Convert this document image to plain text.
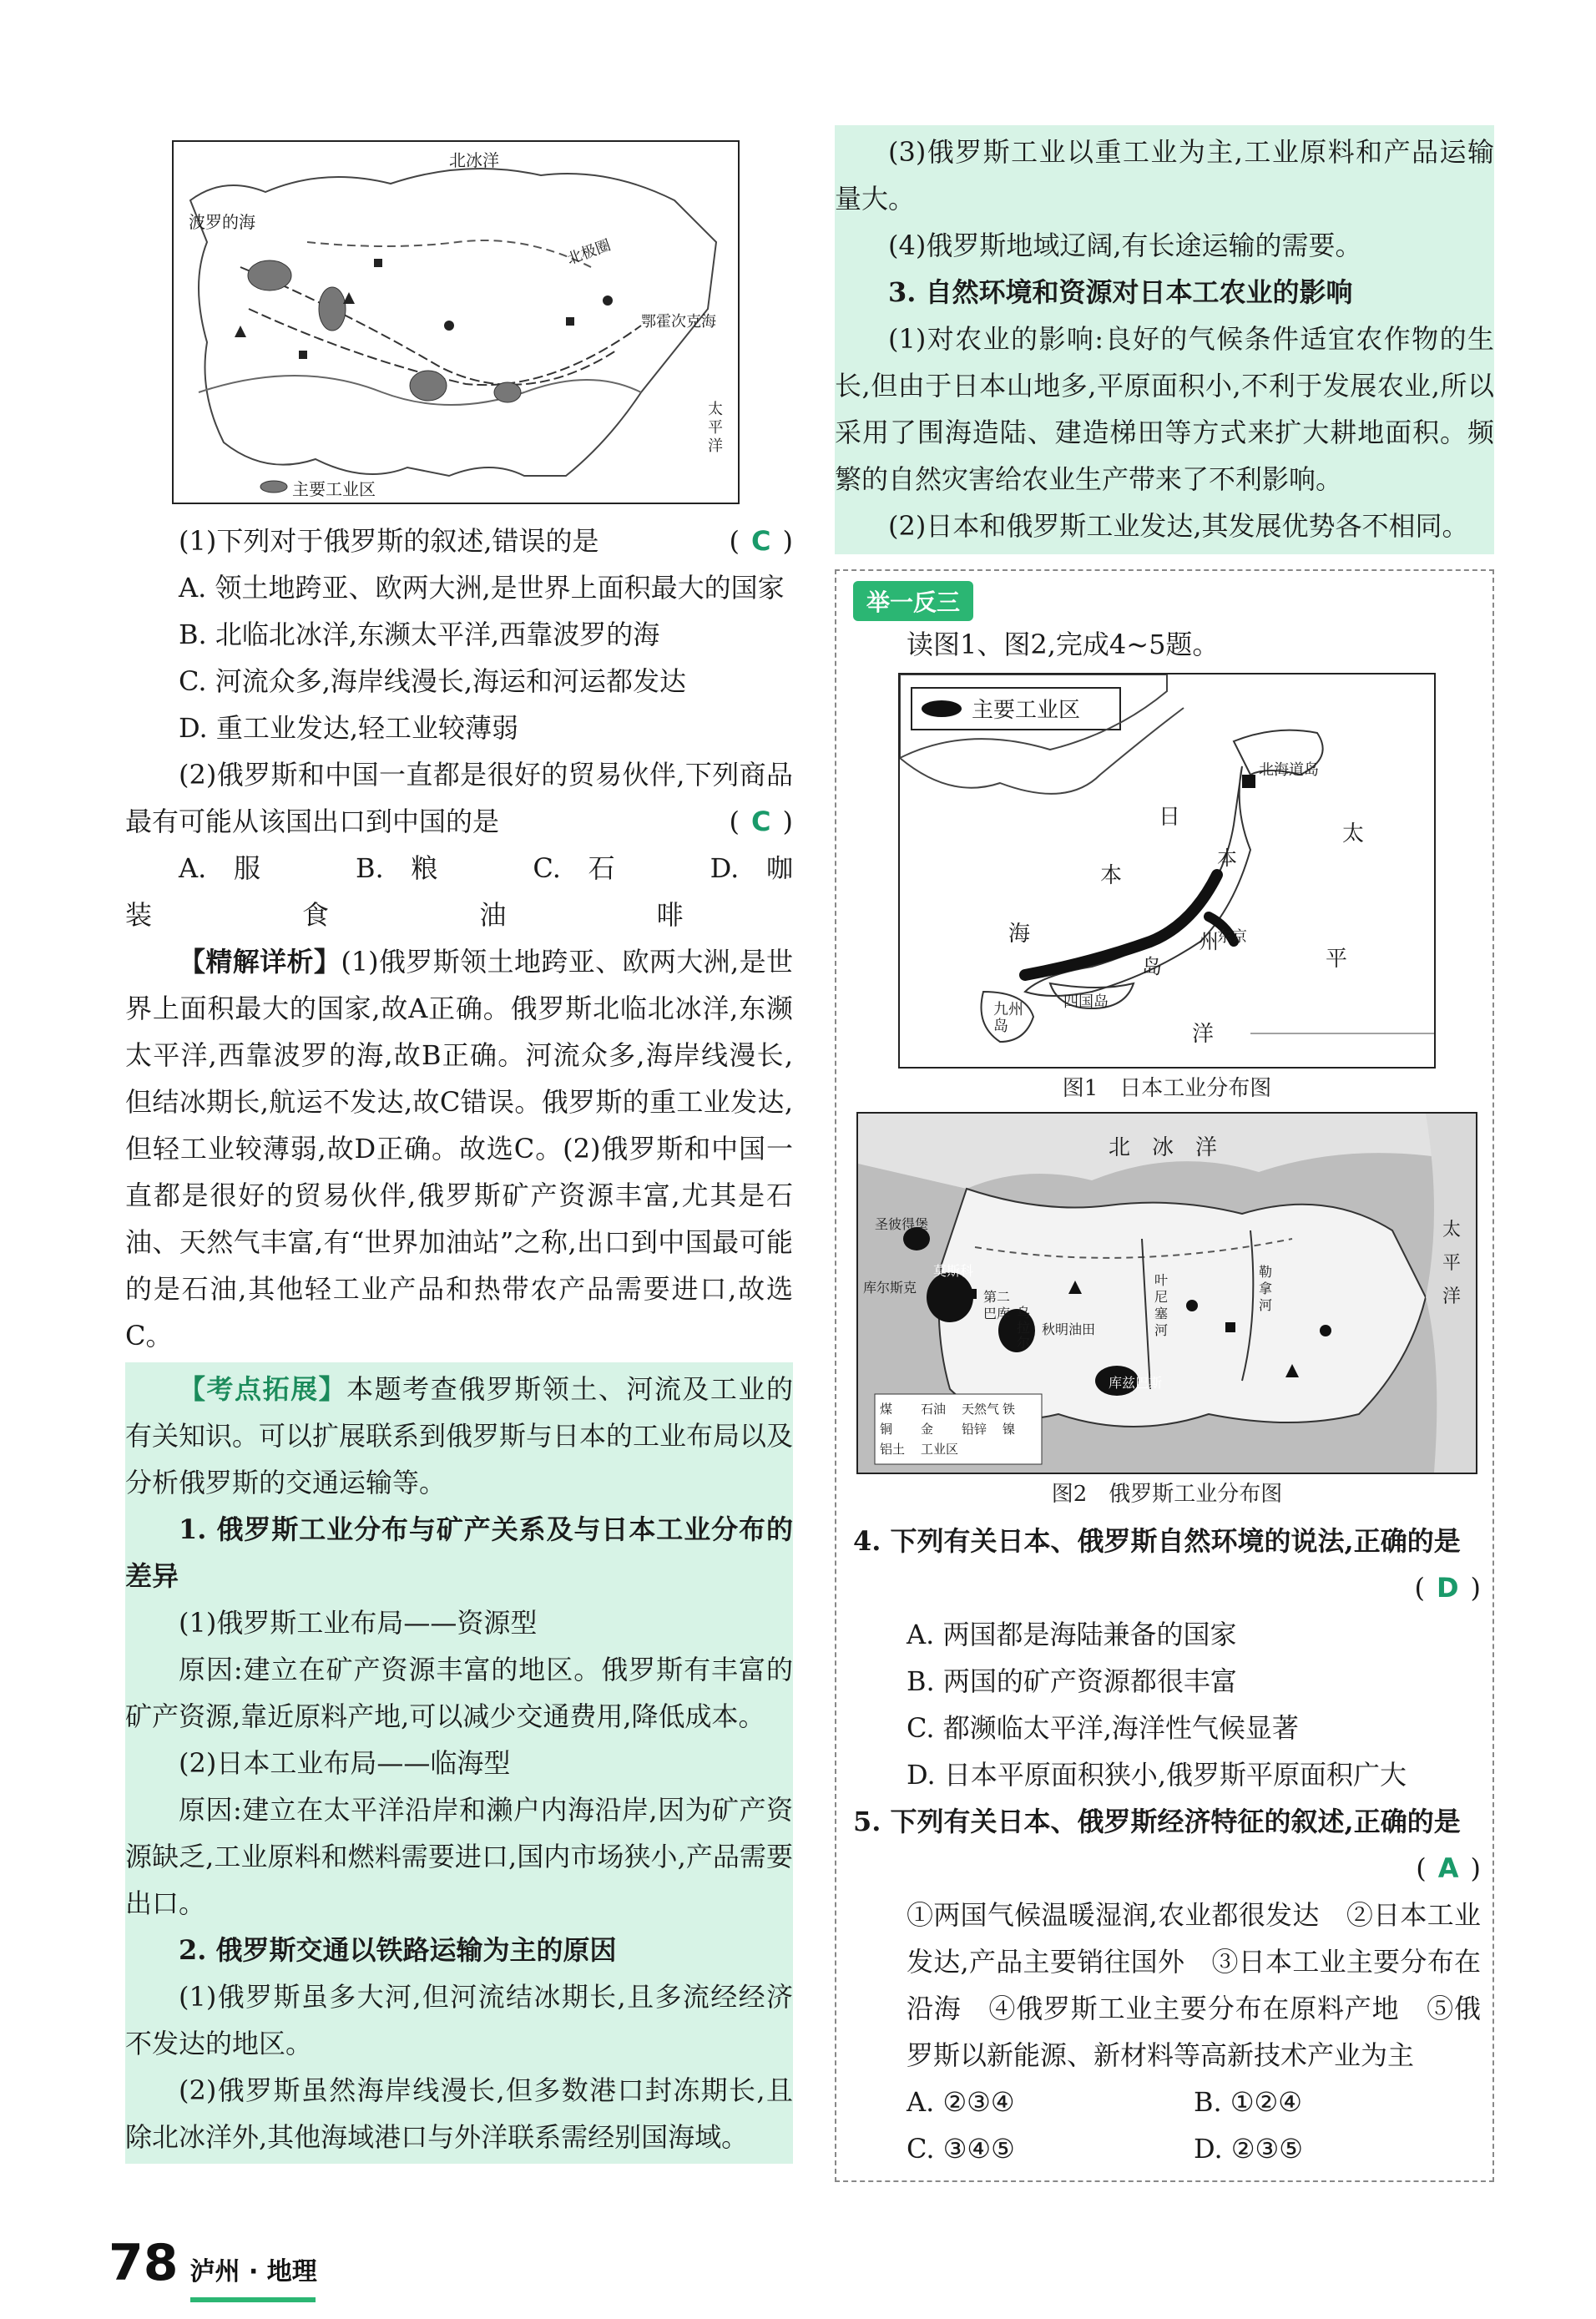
北冰洋
波罗的海
北极圈
鄂霍次克海
太平洋
主要工业区

(1)下列对于俄罗斯的叙述,错误的是	( C )

A. 领土地跨亚、欧两大洲,是世界上面积最大的国家

B. 北临北冰洋,东濒太平洋,西靠波罗的海

C. 河流众多,海岸线漫长,海运和河运都发达

D. 重工业发达,轻工业较薄弱

(2)俄罗斯和中国一直都是很好的贸易伙伴,下列商品最有可能从该国出口到中国的是	( C )

A. 服装
B. 粮食
C. 石油
D. 咖啡

【精解详析】(1)俄罗斯领土地跨亚、欧两大洲,是世界上面积最大的国家,故A正确。俄罗斯北临北冰洋,东濒太平洋,西靠波罗的海,故B正确。河流众多,海岸线漫长,但结冰期长,航运不发达,故C错误。俄罗斯的重工业发达,但轻工业较薄弱,故D正确。故选C。(2)俄罗斯和中国一直都是很好的贸易伙伴,俄罗斯矿产资源丰富,尤其是石油、天然气丰富,有“世界加油站”之称,出口到中国最可能的是石油,其他轻工业产品和热带农产品需要进口,故选C。

【考点拓展】本题考查俄罗斯领土、河流及工业的有关知识。可以扩展联系到俄罗斯与日本的工业布局以及分析俄罗斯的交通运输等。

1. 俄罗斯工业分布与矿产关系及与日本工业分布的差异

(1)俄罗斯工业布局——资源型

原因:建立在矿产资源丰富的地区。俄罗斯有丰富的矿产资源,靠近原料产地,可以减少交通费用,降低成本。

(2)日本工业布局——临海型

原因:建立在太平洋沿岸和濑户内海沿岸,因为矿产资源缺乏,工业原料和燃料需要进口,国内市场狭小,产品需要出口。

2. 俄罗斯交通以铁路运输为主的原因

(1)俄罗斯虽多大河,但河流结冰期长,且多流经经济不发达的地区。

(2)俄罗斯虽然海岸线漫长,但多数港口封冻期长,且除北冰洋外,其他海域港口与外洋联系需经别国海域。

(3)俄罗斯工业以重工业为主,工业原料和产品运输量大。

(4)俄罗斯地域辽阔,有长途运输的需要。

3. 自然环境和资源对日本工农业的影响

(1)对农业的影响:良好的气候条件适宜农作物的生长,但由于日本山地多,平原面积小,不利于发展农业,所以采用了围海造陆、建造梯田等方式来扩大耕地面积。频繁的自然灾害给农业生产带来了不利影响。

(2)日本和俄罗斯工业发达,其发展优势各不相同。

举一反三

读图1、图2,完成4~5题。

主要工业区
北海道岛
东京
日
本
海
太
平
洋
本
州
岛
四国岛
九州岛

图1　日本工业分布图

北　冰　洋
太平洋
圣彼得堡
莫斯科
库尔斯克
第二巴库 乌拉尔
秋明油田
叶尼塞河
勒拿河
库兹巴斯
煤	石油	天然气 铁
铜	金	铅锌	镍
铝土	工业区

图2　俄罗斯工业分布图

4. 下列有关日本、俄罗斯自然环境的说法,正确的是

( D )

A. 两国都是海陆兼备的国家

B. 两国的矿产资源都很丰富

C. 都濒临太平洋,海洋性气候显著

D. 日本平原面积狭小,俄罗斯平原面积广大

5. 下列有关日本、俄罗斯经济特征的叙述,正确的是

( A )

①两国气候温暖湿润,农业都很发达　②日本工业发达,产品主要销往国外　③日本工业主要分布在沿海　④俄罗斯工业主要分布在原料产地　⑤俄罗斯以新能源、新材料等高新技术产业为主

A. ②③④	B. ①②④

C. ③④⑤	D. ②③⑤

78 泸州 · 地理
